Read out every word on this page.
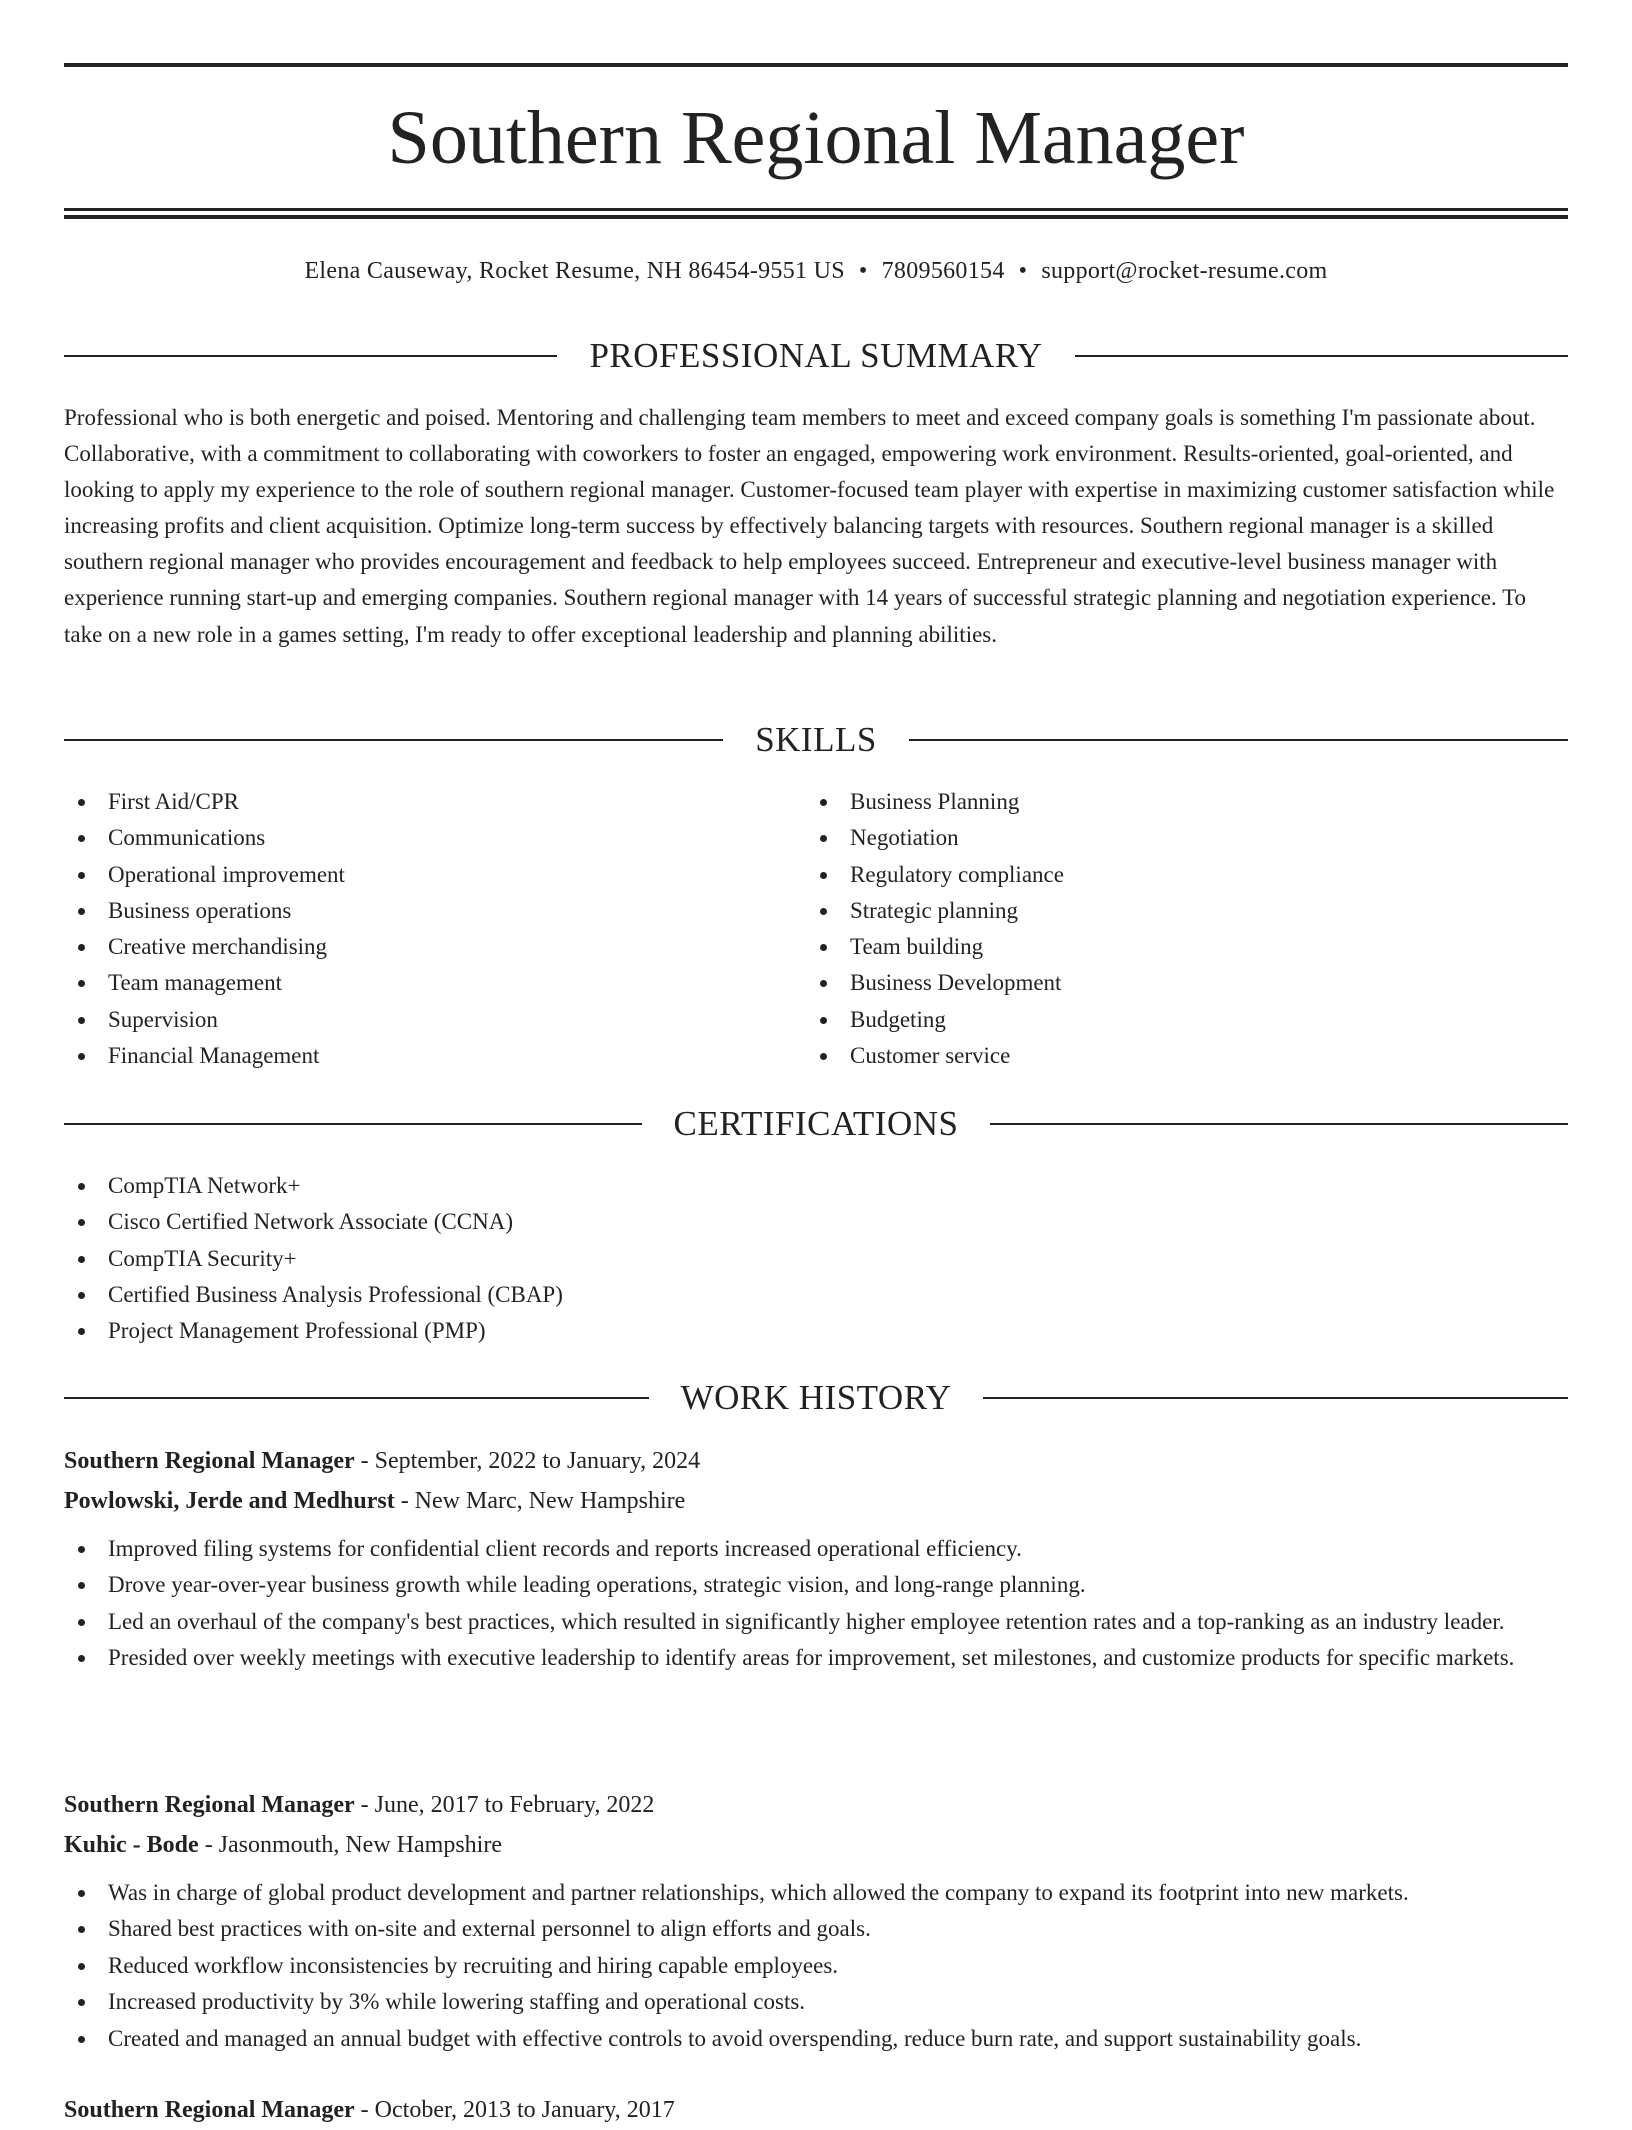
Southern Regional Manager
Elena Causeway, Rocket Resume, NH 86454-9551 US • 7809560154 • support@rocket-resume.com
PROFESSIONAL SUMMARY

Professional who is both energetic and poised. Mentoring and challenging team members to meet and exceed company goals is something I'm passionate about. Collaborative, with a commitment to collaborating with coworkers to foster an engaged, empowering work environment. Results-oriented, goal-oriented, and looking to apply my experience to the role of southern regional manager. Customer-focused team player with expertise in maximizing customer satisfaction while increasing profits and client acquisition. Optimize long-term success by effectively balancing targets with resources. Southern regional manager is a skilled southern regional manager who provides encouragement and feedback to help employees succeed. Entrepreneur and executive-level business manager with experience running start-up and emerging companies. Southern regional manager with 14 years of successful strategic planning and negotiation experience. To take on a new role in a games setting, I'm ready to offer exceptional leadership and planning abilities.

SKILLS
First Aid/CPR
Communications
Operational improvement
Business operations
Creative merchandising
Team management
Supervision
Financial Management
Business Planning
Negotiation
Regulatory compliance
Strategic planning
Team building
Business Development
Budgeting
Customer service
CERTIFICATIONS
CompTIA Network+
Cisco Certified Network Associate (CCNA)
CompTIA Security+
Certified Business Analysis Professional (CBAP)
Project Management Professional (PMP)
WORK HISTORY
Southern Regional Manager - September, 2022 to January, 2024
Powlowski, Jerde and Medhurst - New Marc, New Hampshire
Improved filing systems for confidential client records and reports increased operational efficiency.
Drove year-over-year business growth while leading operations, strategic vision, and long-range planning.
Led an overhaul of the company's best practices, which resulted in significantly higher employee retention rates and a top-ranking as an industry leader.
Presided over weekly meetings with executive leadership to identify areas for improvement, set milestones, and customize products for specific markets.
Southern Regional Manager - June, 2017 to February, 2022
Kuhic - Bode - Jasonmouth, New Hampshire
Was in charge of global product development and partner relationships, which allowed the company to expand its footprint into new markets.
Shared best practices with on-site and external personnel to align efforts and goals.
Reduced workflow inconsistencies by recruiting and hiring capable employees.
Increased productivity by 3% while lowering staffing and operational costs.
Created and managed an annual budget with effective controls to avoid overspending, reduce burn rate, and support sustainability goals.
Southern Regional Manager - October, 2013 to January, 2017
